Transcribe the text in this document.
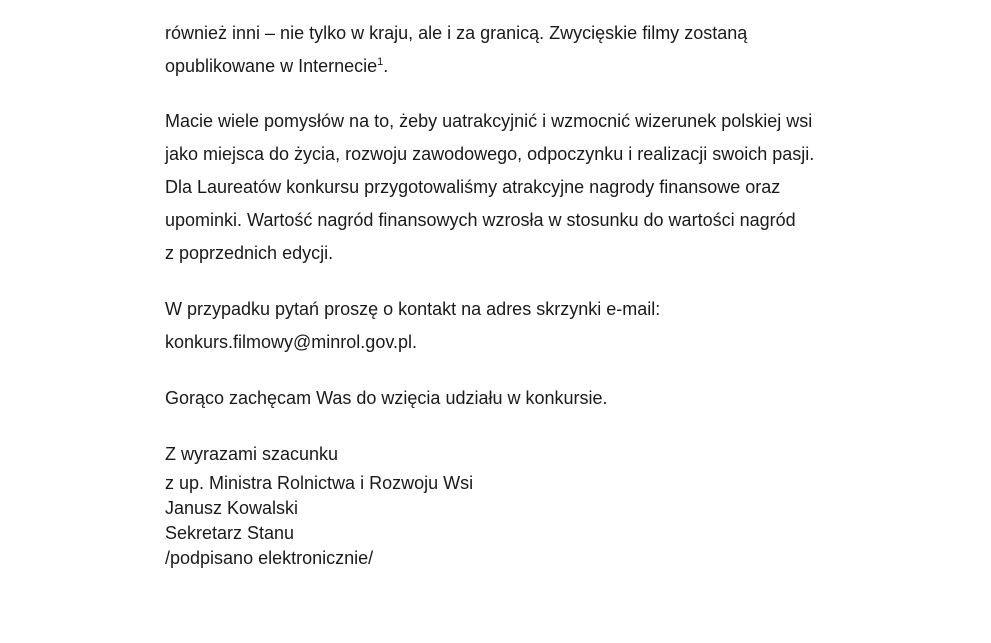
również inni – nie tylko w kraju, ale i za granicą. Zwycięskie filmy zostaną
opublikowane w Internecie$^1$.

Macie wiele pomysłów na to, żeby uatrakcyjnić i wzmocnić wizerunek polskiej wsi
jako miejsca do życia, rozwoju zawodowego, odpoczynku i realizacji swoich pasji.
Dla Laureatów konkursu przygotowaliśmy atrakcyjne nagrody finansowe oraz
upominki. Wartość nagród finansowych wzrosła w stosunku do wartości nagród
z poprzednich edycji.

W przypadku pytań proszę o kontakt na adres skrzynki e-mail:
konkurs.filmowy@minrol.gov.pl.

Gorąco zachęcam Was do wzięcia udziału w konkursie.

Z wyrazami szacunku

z up. Ministra Rolnictwa i Rozwoju Wsi
Janusz Kowalski
Sekretarz Stanu
/podpisano elektronicznie/
